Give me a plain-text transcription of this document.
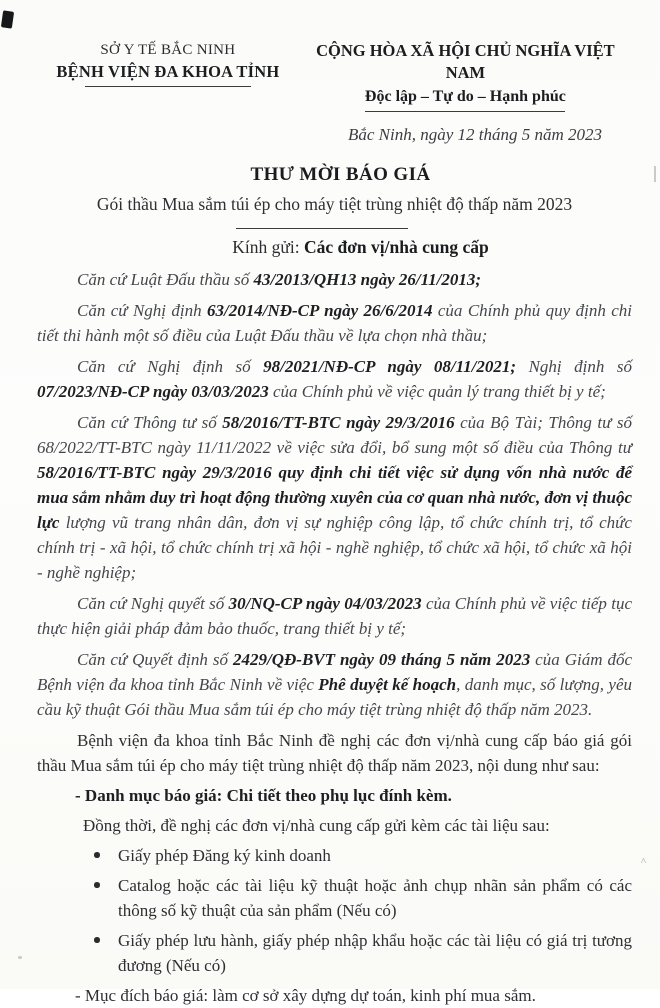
^
SỞ Y TẾ BẮC NINH
BỆNH VIỆN ĐA KHOA TỈNH
CỘNG HÒA XÃ HỘI CHỦ NGHĨA VIỆT NAM
Độc lập – Tự do – Hạnh phúc
Bắc Ninh, ngày 12 tháng 5 năm 2023
THƯ MỜI BÁO GIÁ
Gói thầu Mua sắm túi ép cho máy tiệt trùng nhiệt độ thấp năm 2023
Kính gửi: Các đơn vị/nhà cung cấp

Căn cứ Luật Đấu thầu số 43/2013/QH13 ngày 26/11/2013;

Căn cứ Nghị định 63/2014/NĐ-CP ngày 26/6/2014 của Chính phủ quy định chi tiết thi hành một số điều của Luật Đấu thầu về lựa chọn nhà thầu;

Căn cứ Nghị định số 98/2021/NĐ-CP ngày 08/11/2021; Nghị định số 07/2023/NĐ-CP ngày 03/03/2023 của Chính phủ về việc quản lý trang thiết bị y tế;

Căn cứ Thông tư số 58/2016/TT-BTC ngày 29/3/2016 của Bộ Tài; Thông tư số 68/2022/TT-BTC ngày 11/11/2022 về việc sửa đổi, bổ sung một số điều của Thông tư 58/2016/TT-BTC ngày 29/3/2016 quy định chi tiết việc sử dụng vốn nhà nước để mua sắm nhằm duy trì hoạt động thường xuyên của cơ quan nhà nước, đơn vị thuộc lực lượng vũ trang nhân dân, đơn vị sự nghiệp công lập, tổ chức chính trị, tổ chức chính trị - xã hội, tổ chức chính trị xã hội - nghề nghiệp, tổ chức xã hội, tổ chức xã hội - nghề nghiệp;

Căn cứ Nghị quyết số 30/NQ-CP ngày 04/03/2023 của Chính phủ về việc tiếp tục thực hiện giải pháp đảm bảo thuốc, trang thiết bị y tế;

Căn cứ Quyết định số 2429/QĐ-BVT ngày 09 tháng 5 năm 2023 của Giám đốc Bệnh viện đa khoa tỉnh Bắc Ninh về việc Phê duyệt kế hoạch, danh mục, số lượng, yêu cầu kỹ thuật Gói thầu Mua sắm túi ép cho máy tiệt trùng nhiệt độ thấp năm 2023.

Bệnh viện đa khoa tỉnh Bắc Ninh đề nghị các đơn vị/nhà cung cấp báo giá gói thầu Mua sắm túi ép cho máy tiệt trùng nhiệt độ thấp năm 2023, nội dung như sau:

- Danh mục báo giá: Chi tiết theo phụ lục đính kèm.

Đồng thời, đề nghị các đơn vị/nhà cung cấp gửi kèm các tài liệu sau:

Giấy phép Đăng ký kinh doanh

Catalog hoặc các tài liệu kỹ thuật hoặc ảnh chụp nhãn sản phẩm có các thông số kỹ thuật của sản phẩm (Nếu có)

Giấy phép lưu hành, giấy phép nhập khẩu hoặc các tài liệu có giá trị tương đương (Nếu có)

- Mục đích báo giá: làm cơ sở xây dựng dự toán, kinh phí mua sắm.
